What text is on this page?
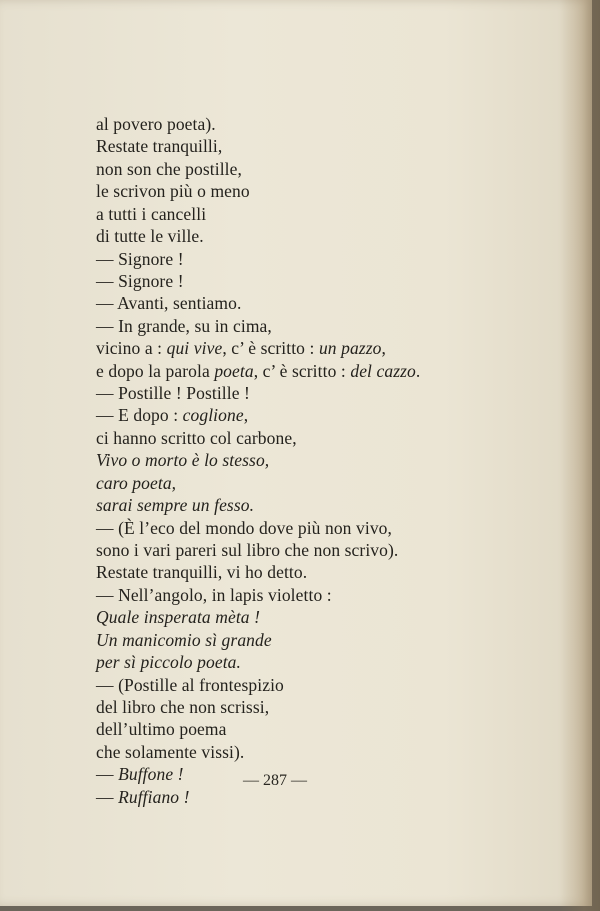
al povero poeta).
Restate tranquilli,
non son che postille,
le scrivon più o meno
a tutti i cancelli
di tutte le ville.
— Signore !
— Signore !
— Avanti, sentiamo.
— In grande, su in cima,
vicino a : qui vive, c’ è scritto : un pazzo,
e dopo la parola poeta, c’ è scritto : del cazzo.
— Postille ! Postille !
— E dopo : coglione,
ci hanno scritto col carbone,
Vivo o morto è lo stesso,
caro poeta,
sarai sempre un fesso.
— (È l’eco del mondo dove più non vivo,
sono i vari pareri sul libro che non scrivo).
Restate tranquilli, vi ho detto.
— Nell’angolo, in lapis violetto :
Quale insperata mèta !
Un manicomio sì grande
per sì piccolo poeta.
— (Postille al frontespizio
del libro che non scrissi,
dell’ultimo poema
che solamente vissi).
— Buffone !
— Ruffiano !
— 287 —
